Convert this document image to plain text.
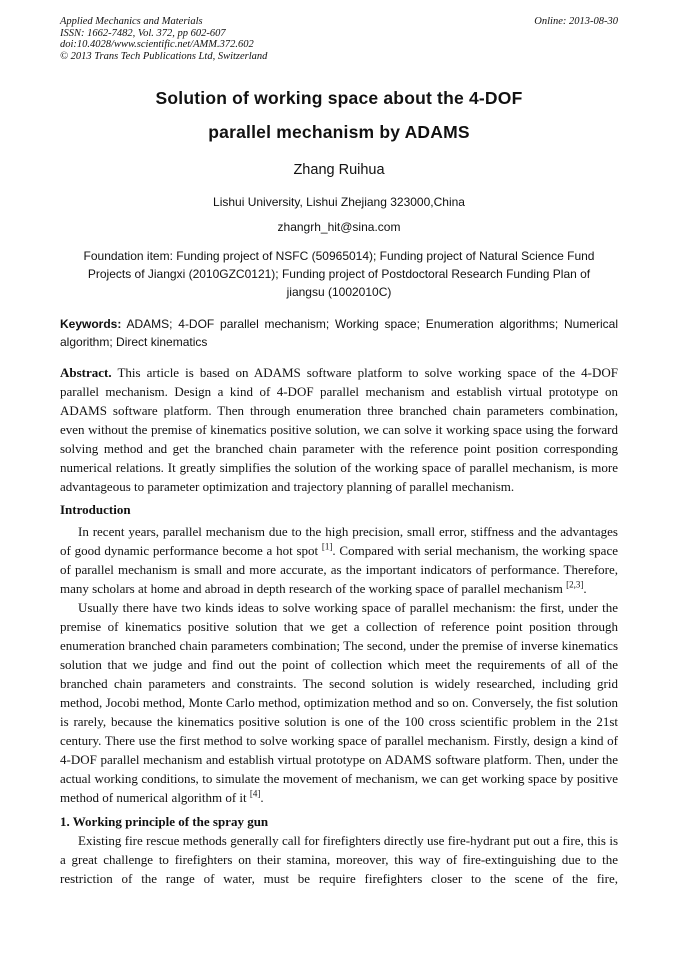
Applied Mechanics and Materials
ISSN: 1662-7482, Vol. 372, pp 602-607
doi:10.4028/www.scientific.net/AMM.372.602
© 2013 Trans Tech Publications Ltd, Switzerland
Online: 2013-08-30
Solution of working space about the 4-DOF
parallel mechanism by ADAMS
Zhang Ruihua
Lishui University, Lishui Zhejiang 323000,China
zhangrh_hit@sina.com
Foundation item: Funding project of NSFC (50965014); Funding project of Natural Science Fund
Projects of Jiangxi (2010GZC0121); Funding project of Postdoctoral Research Funding Plan of
jiangsu (1002010C)
Keywords: ADAMS; 4-DOF parallel mechanism; Working space; Enumeration algorithms; Numerical algorithm; Direct kinematics
Abstract. This article is based on ADAMS software platform to solve working space of the 4-DOF parallel mechanism. Design a kind of 4-DOF parallel mechanism and establish virtual prototype on ADAMS software platform. Then through enumeration three branched chain parameters combination, even without the premise of kinematics positive solution, we can solve it working space using the forward solving method and get the branched chain parameter with the reference point position corresponding numerical relations. It greatly simplifies the solution of the working space of parallel mechanism, is more advantageous to parameter optimization and trajectory planning of parallel mechanism.
Introduction

In recent years, parallel mechanism due to the high precision, small error, stiffness and the advantages of good dynamic performance become a hot spot [1]. Compared with serial mechanism, the working space of parallel mechanism is small and more accurate, as the important indicators of performance. Therefore, many scholars at home and abroad in depth research of the working space of parallel mechanism [2,3].

Usually there have two kinds ideas to solve working space of parallel mechanism: the first, under the premise of kinematics positive solution that we get a collection of reference point position through enumeration branched chain parameters combination; The second, under the premise of inverse kinematics solution that we judge and find out the point of collection which meet the requirements of all of the branched chain parameters and constraints. The second solution is widely researched, including grid method, Jocobi method, Monte Carlo method, optimization method and so on. Conversely, the fist solution is rarely, because the kinematics positive solution is one of the 100 cross scientific problem in the 21st century. There use the first method to solve working space of parallel mechanism. Firstly, design a kind of 4-DOF parallel mechanism and establish virtual prototype on ADAMS software platform. Then, under the actual working conditions, to simulate the movement of mechanism, we can get working space by positive method of numerical algorithm of it [4].

1. Working principle of the spray gun

Existing fire rescue methods generally call for firefighters directly use fire-hydrant put out a fire, this is a great challenge to firefighters on their stamina, moreover, this way of fire-extinguishing due to the restriction of the range of water, must be require firefighters closer to the scene of the fire,
